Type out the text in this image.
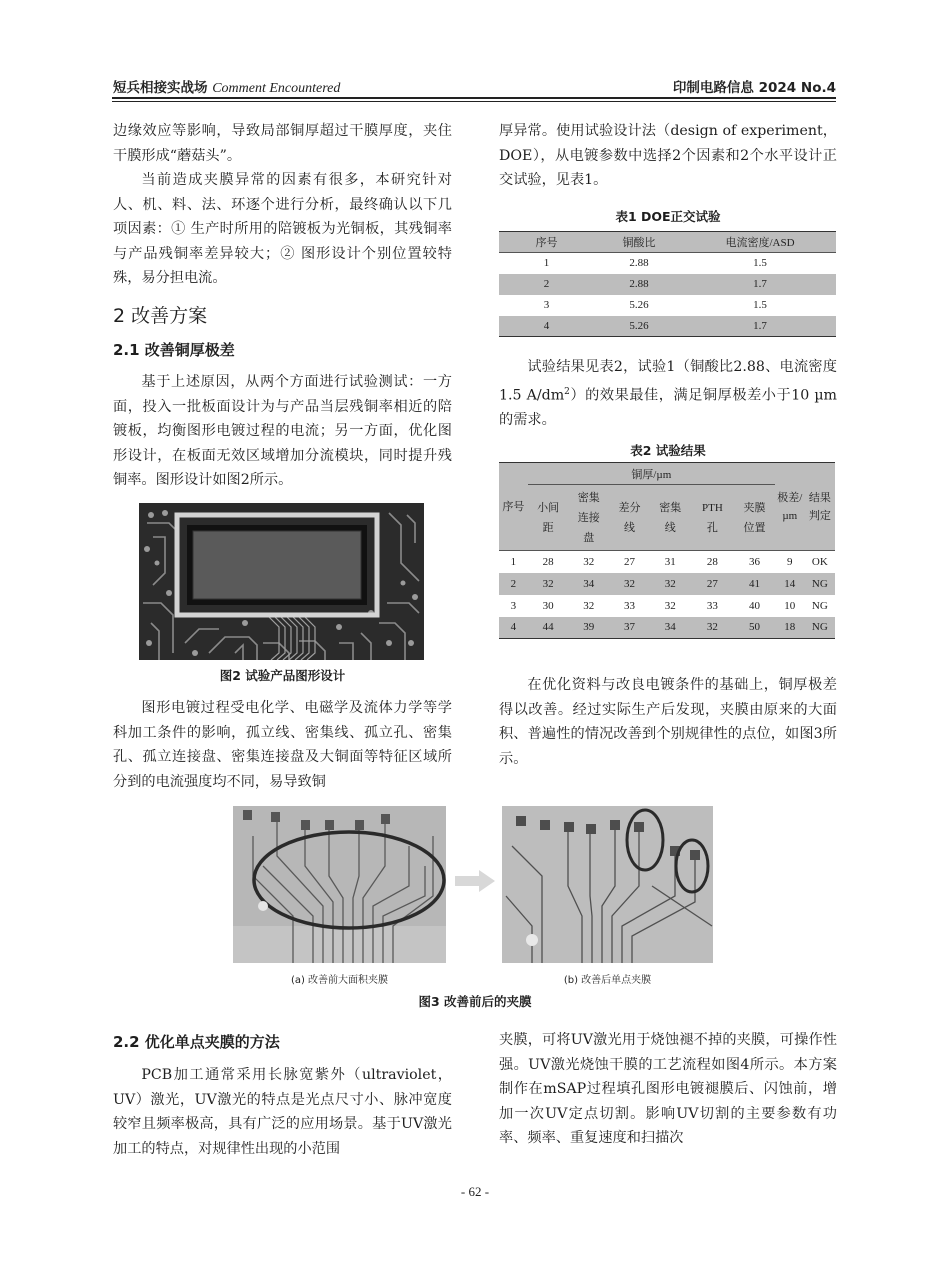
短兵相接实战场 Comment Encountered	印制电路信息 2024 No.4
边缘效应等影响，导致局部铜厚超过干膜厚度，夹住干膜形成“蘑菇头”。
当前造成夹膜异常的因素有很多，本研究针对人、机、料、法、环逐个进行分析，最终确认以下几项因素：① 生产时所用的陪镀板为光铜板，其残铜率与产品残铜率差异较大；② 图形设计个别位置较特殊，易分担电流。
2 改善方案
2.1 改善铜厚极差
基于上述原因，从两个方面进行试验测试：一方面，投入一批板面设计为与产品当层残铜率相近的陪镀板，均衡图形电镀过程的电流；另一方面，优化图形设计，在板面无效区域增加分流模块，同时提升残铜率。图形设计如图2所示。
图2 试验产品图形设计
图形电镀过程受电化学、电磁学及流体力学等学科加工条件的影响，孤立线、密集线、孤立孔、密集孔、孤立连接盘、密集连接盘及大铜面等特征区域所分到的电流强度均不同，易导致铜
厚异常。使用试验设计法（design of experiment，DOE），从电镀参数中选择2个因素和2个水平设计正交试验，见表1。
表1 DOE正交试验
序号	铜酸比	电流密度/ASD
1	2.88	1.5
2	2.88	1.7
3	5.26	1.5
4	5.26	1.7
试验结果见表2，试验1（铜酸比2.88、电流密度1.5 $A/dm^2$）的效果最佳，满足铜厚极差小于10 µm的需求。
表2 试验结果
序号	铜厚/µm						极差/µm	结果判定
	小间距	密集连接盘	差分线	密集线	PTH孔	夹膜位置		
1	28	32	27	31	28	36	9	OK
2	32	34	32	32	27	41	14	NG
3	30	32	33	32	33	40	10	NG
4	44	39	37	34	32	50	18	NG
在优化资料与改良电镀条件的基础上，铜厚极差得以改善。经过实际生产后发现，夹膜由原来的大面积、普遍性的情况改善到个别规律性的点位，如图3所示。
(a) 改善前大面积夹膜	(b) 改善后单点夹膜
图3 改善前后的夹膜
2.2 优化单点夹膜的方法
PCB加工通常采用长脉宽紫外（ultraviolet，UV）激光，UV激光的特点是光点尺寸小、脉冲宽度较窄且频率极高，具有广泛的应用场景。基于UV激光加工的特点，对规律性出现的小范围
夹膜，可将UV激光用于烧蚀褪不掉的夹膜，可操作性强。UV激光烧蚀干膜的工艺流程如图4所示。本方案制作在mSAP过程填孔图形电镀褪膜后、闪蚀前，增加一次UV定点切割。影响UV切割的主要参数有功率、频率、重复速度和扫描次
- 62 -
